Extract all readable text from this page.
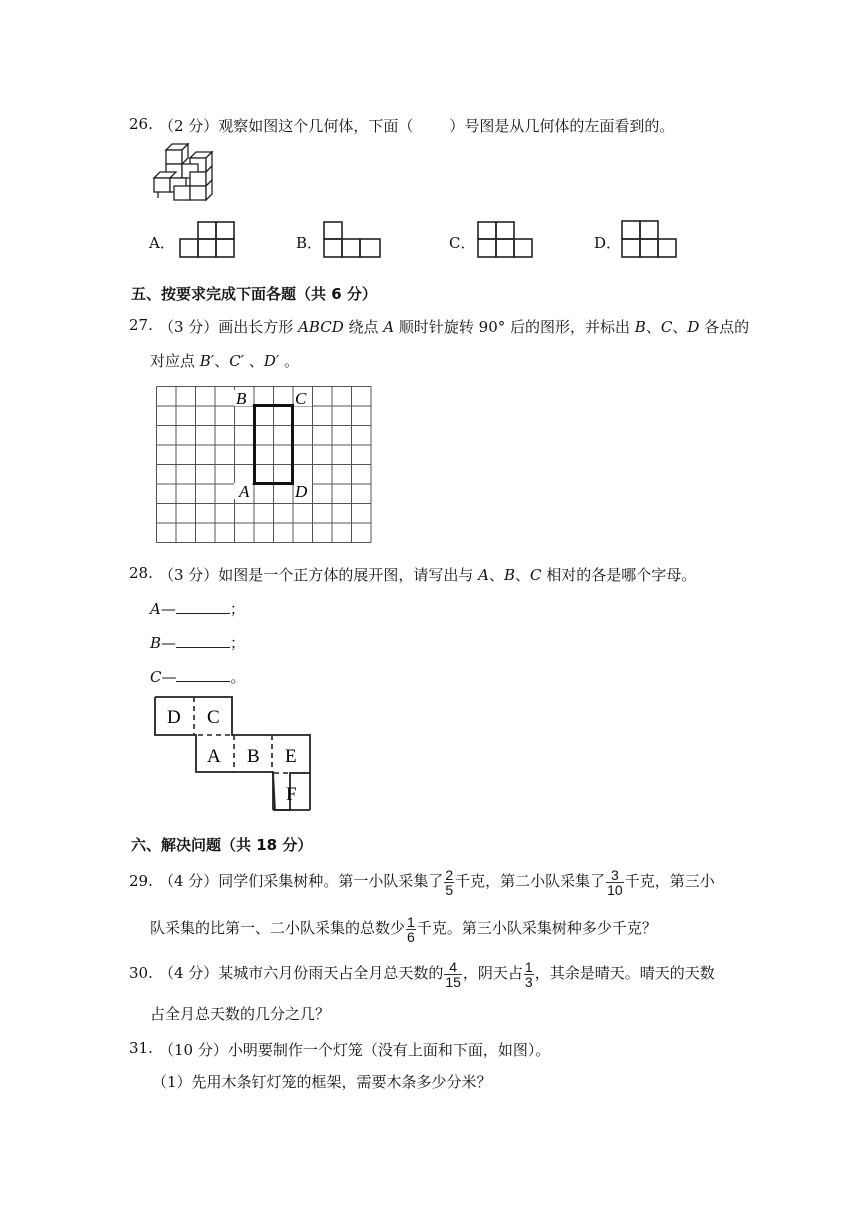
26. （2 分）观察如图这个几何体，下面（ ）号图是从几何体的左面看到的。
A．	B．	C．	D．
五、按要求完成下面各题（共 6 分）
27. （3 分）画出长方形 ABCD 绕点 A 顺时针旋转 90° 后的图形，并标出 B、C、D 各点的
对应点 B′、C′ 、D′ 。
B	C
A	D
28. （3 分）如图是一个正方体的展开图，请写出与 A、B、C 相对的各是哪个字母。
A—	；
B—	；
C—	。
D C
A B E
F
六、解决问题（共 18 分）
29. （4 分）同学们采集树种。第一小队采集了 $\frac{2}{5}$ 千克，第二小队采集了 $\frac{3}{10}$ 千克，第三小
队采集的比第一、二小队采集的总数少 $\frac{1}{6}$ 千克。第三小队采集树种多少千克？
30. （4 分）某城市六月份雨天占全月总天数的 $\frac{4}{15}$ ，阴天占 $\frac{1}{3}$ ，其余是晴天。晴天的天数
占全月总天数的几分之几？
31. （10 分）小明要制作一个灯笼（没有上面和下面，如图）。
（1）先用木条钉灯笼的框架，需要木条多少分米？
